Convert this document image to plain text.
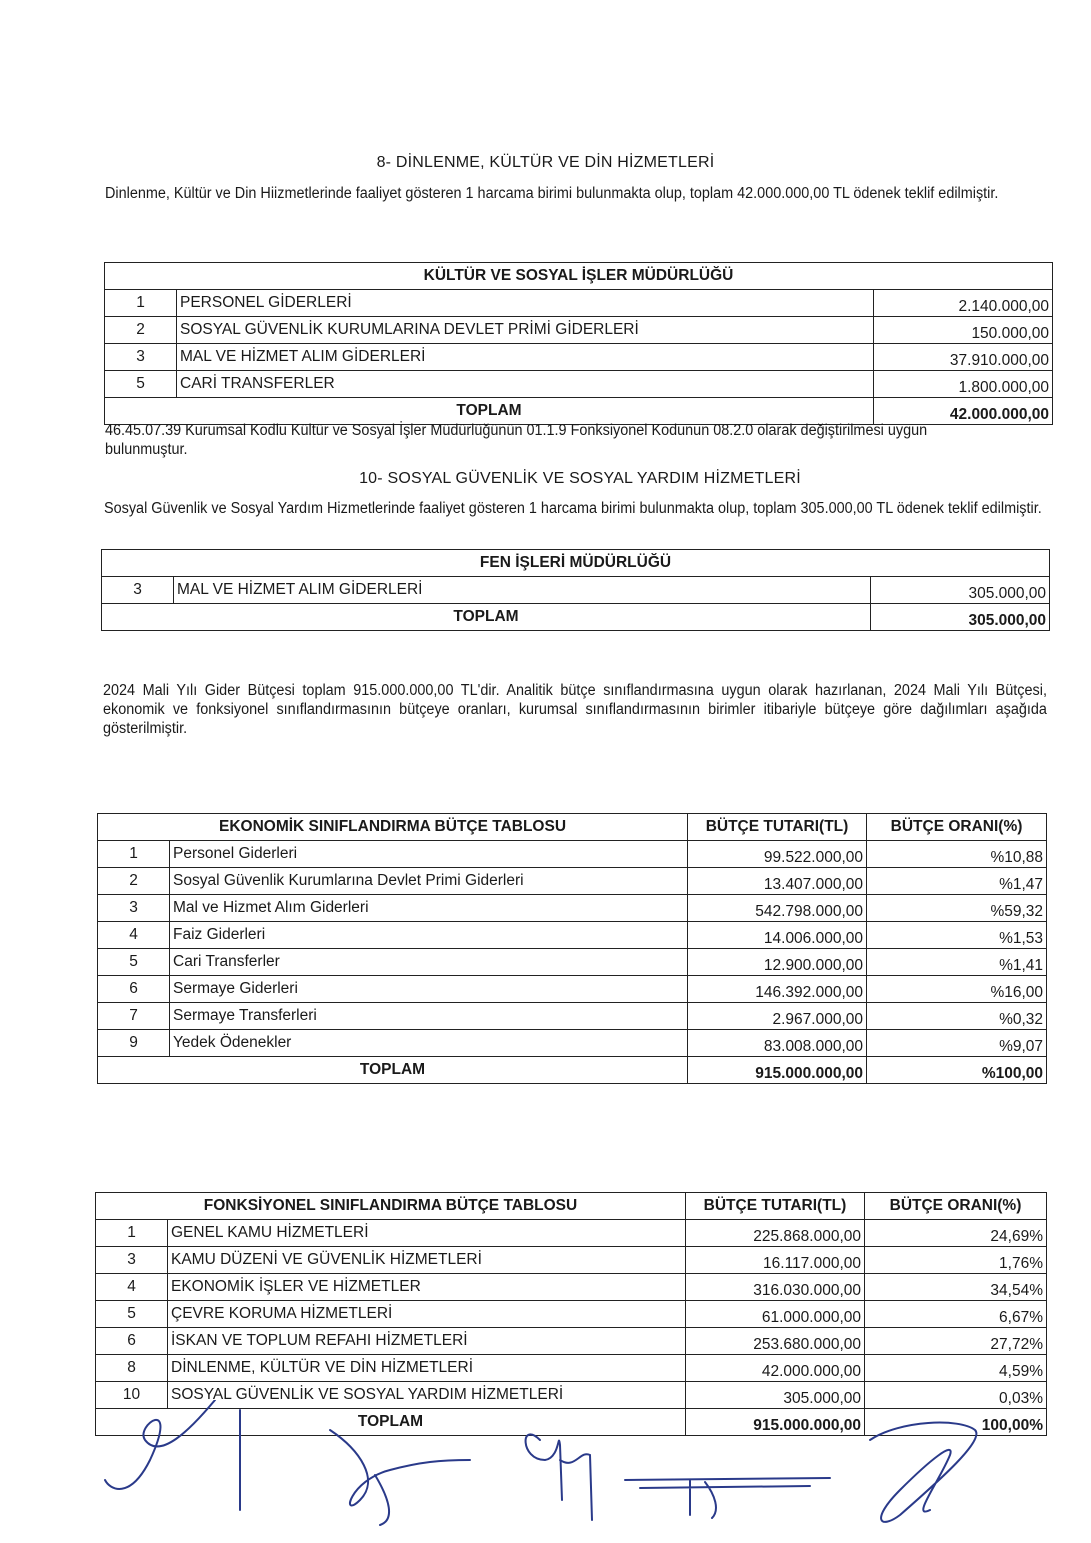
8- DİNLENME, KÜLTÜR VE DİN HİZMETLERİ
Dinlenme, Kültür ve Din Hiizmetlerinde faaliyet gösteren 1 harcama birimi bulunmakta olup, toplam 42.000.000,00 TL ödenek teklif edilmiştir.
KÜLTÜR VE SOSYAL İŞLER MÜDÜRLÜĞÜ		
1	PERSONEL GİDERLERİ	2.140.000,00
2	SOSYAL GÜVENLİK KURUMLARINA DEVLET PRİMİ GİDERLERİ	150.000,00
3	MAL VE HİZMET ALIM GİDERLERİ	37.910.000,00
5	CARİ TRANSFERLER	1.800.000,00
TOPLAM		42.000.000,00
46.45.07.39 Kurumsal Kodlu Kültür ve Sosyal İşler Müdürlüğünün 01.1.9 Fonksiyonel Kodunun 08.2.0 olarak değiştirilmesi uygun bulunmuştur.
10- SOSYAL GÜVENLİK VE SOSYAL YARDIM HİZMETLERİ
Sosyal Güvenlik ve Sosyal Yardım Hizmetlerinde faaliyet gösteren 1 harcama birimi bulunmakta olup, toplam 305.000,00 TL ödenek teklif edilmiştir.
FEN İŞLERİ MÜDÜRLÜĞÜ		
3	MAL VE HİZMET ALIM GİDERLERİ	305.000,00
TOPLAM		305.000,00
2024 Mali Yılı Gider Bütçesi toplam 915.000.000,00 TL'dir. Analitik bütçe sınıflandırmasına uygun olarak hazırlanan, 2024 Mali Yılı Bütçesi, ekonomik ve fonksiyonel sınıflandırmasının bütçeye oranları, kurumsal sınıflandırmasının birimler itibariyle bütçeye göre dağılımları aşağıda gösterilmiştir.
EKONOMİK SINIFLANDIRMA BÜTÇE TABLOSU		BÜTÇE TUTARI(TL)	BÜTÇE ORANI(%)
1	Personel Giderleri	99.522.000,00	%10,88
2	Sosyal Güvenlik Kurumlarına Devlet Primi Giderleri	13.407.000,00	%1,47
3	Mal ve Hizmet Alım Giderleri	542.798.000,00	%59,32
4	Faiz Giderleri	14.006.000,00	%1,53
5	Cari Transferler	12.900.000,00	%1,41
6	Sermaye Giderleri	146.392.000,00	%16,00
7	Sermaye Transferleri	2.967.000,00	%0,32
9	Yedek Ödenekler	83.008.000,00	%9,07
TOPLAM		915.000.000,00	%100,00
FONKSİYONEL SINIFLANDIRMA BÜTÇE TABLOSU		BÜTÇE TUTARI(TL)	BÜTÇE ORANI(%)
1	GENEL KAMU HİZMETLERİ	225.868.000,00	24,69%
3	KAMU DÜZENİ VE GÜVENLİK HİZMETLERİ	16.117.000,00	1,76%
4	EKONOMİK İŞLER VE HİZMETLER	316.030.000,00	34,54%
5	ÇEVRE KORUMA HİZMETLERİ	61.000.000,00	6,67%
6	İSKAN VE TOPLUM REFAHI HİZMETLERİ	253.680.000,00	27,72%
8	DİNLENME, KÜLTÜR VE DİN HİZMETLERİ	42.000.000,00	4,59%
10	SOSYAL GÜVENLİK VE SOSYAL YARDIM HİZMETLERİ	305.000,00	0,03%
TOPLAM		915.000.000,00	100,00%
